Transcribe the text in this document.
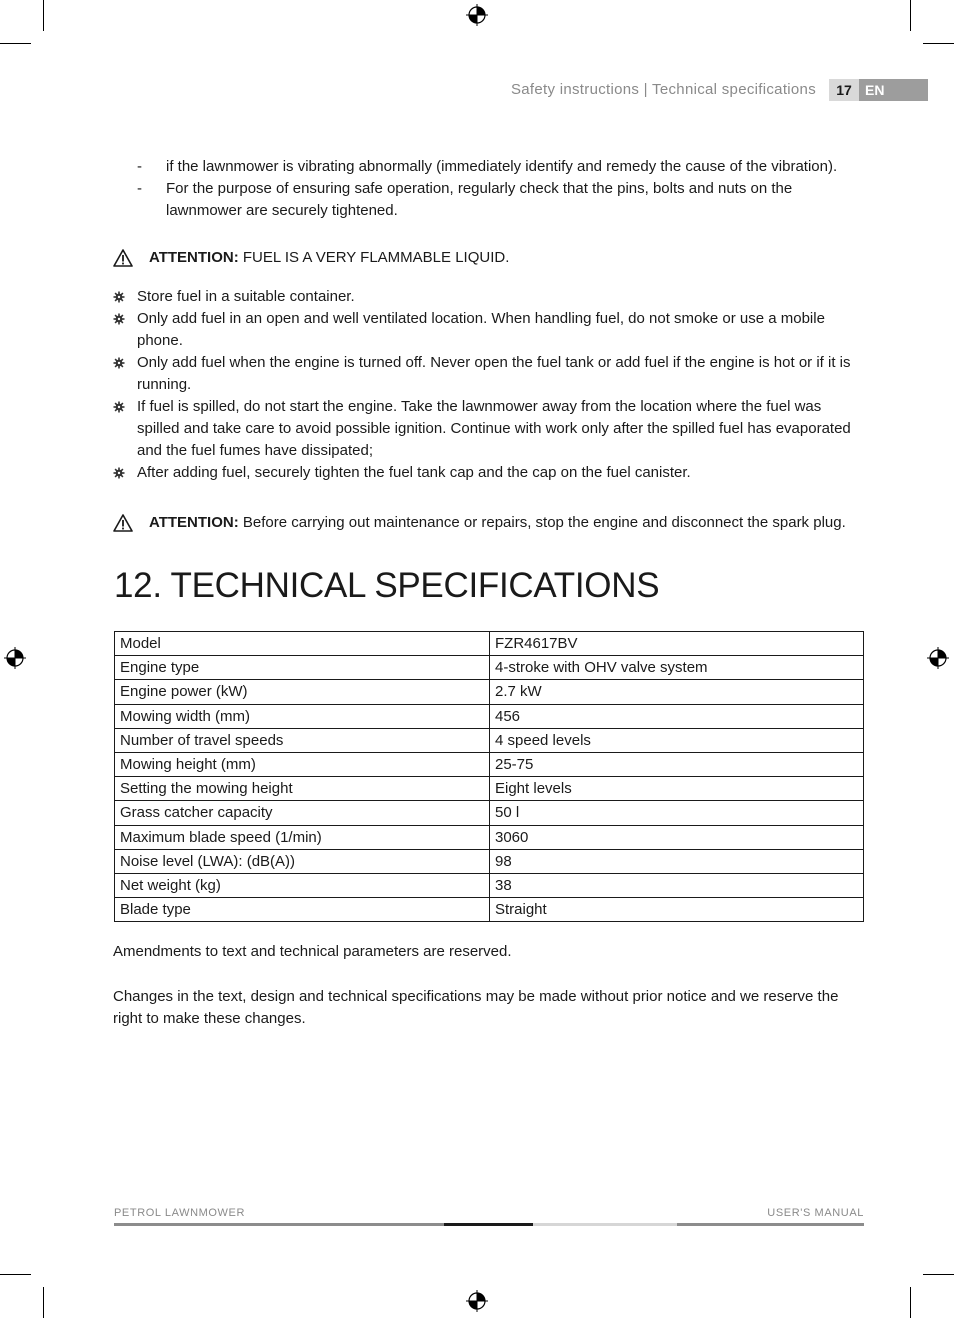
Safety instructions | Technical specifications	17 EN
- if the lawnmower is vibrating abnormally (immediately identify and remedy the cause of the vibration).
- For the purpose of ensuring safe operation, regularly check that the pins, bolts and nuts on the lawnmower are securely tightened.
ATTENTION: FUEL IS A VERY FLAMMABLE LIQUID.
Store fuel in a suitable container.
Only add fuel in an open and well ventilated location. When handling fuel, do not smoke or use a mobile phone.
Only add fuel when the engine is turned off. Never open the fuel tank or add fuel if the engine is hot or if it is running.
If fuel is spilled, do not start the engine. Take the lawnmower away from the location where the fuel was spilled and take care to avoid possible ignition. Continue with work only after the spilled fuel has evaporated and the fuel fumes have dissipated;
After adding fuel, securely tighten the fuel tank cap and the cap on the fuel canister.
ATTENTION: Before carrying out maintenance or repairs, stop the engine and disconnect the spark plug.
12. TECHNICAL SPECIFICATIONS
Model	FZR4617BV
Engine type	4-stroke with OHV valve system
Engine power (kW)	2.7 kW
Mowing width (mm)	456
Number of travel speeds	4 speed levels
Mowing height (mm)	25-75
Setting the mowing height	Eight levels
Grass catcher capacity	50 l
Maximum blade speed (1/min)	3060
Noise level (LWA): (dB(A))	98
Net weight (kg)	38
Blade type	Straight
Amendments to text and technical parameters are reserved.
Changes in the text, design and technical specifications may be made without prior notice and we reserve the right to make these changes.
PETROL LAWNMOWER	USER'S MANUAL
